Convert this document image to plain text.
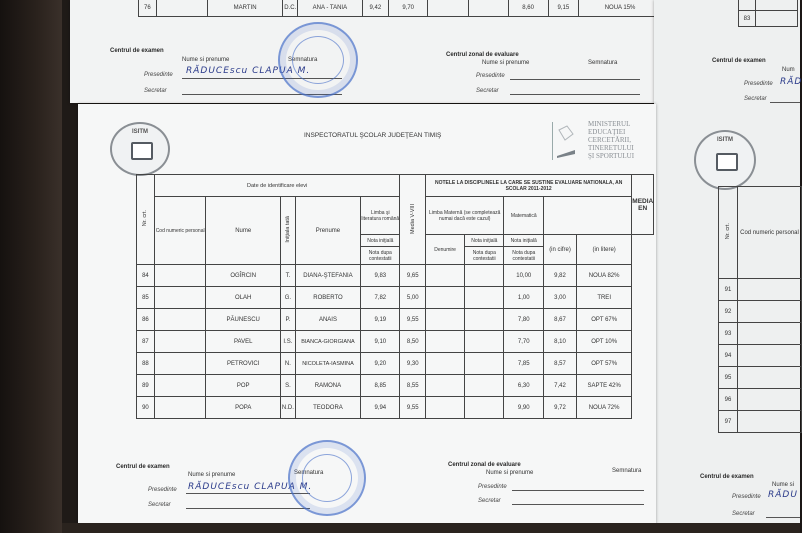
76		MARTIN	D.C.	ANA - TANIA	9,42	9,70			8,60	9,15	NOUA 15%
Centrul de examen
Nume si prenume	Semnatura
Presedinte RĂDUCEscu CLAPUA M.
Secretar
Centrul zonal de evaluare
Nume si prenume	Semnatura
Presedinte
Secretar

83	
Centrul de examen
Num
Presedinte RĂD
Secretar
ISITM
Nr. crt.	Cod numeric personal
91	
92	
93	
94	
95	
96	
97	
Centrul de examen
Nume si
Presedinte RĂDU
Secretar
ISITM	INSPECTORATUL ŞCOLAR JUDEŢEAN TIMIŞ
MINISTERUL
EDUCAŢIEI
CERCETĂRII,
TINERETULUI
ŞI SPORTULUI
Nr. crt.	Date de identificare elevi					Media V-VIII	NOTELE LA DISCIPLINELE LA CARE SE SUSTINE EVALUARE NATIONALA, AN SCOLAR 2011-2012					MEDIA EN
	Cod numeric personal	Nume	Iniţiala tată	Prenume	Limba şi literatura română		Limba Maternă (se completează numai dacă este cazul)		Matematică		
					Nota iniţială		Denumire	Nota iniţială	Nota iniţială	(in cifre)	(in litere)	
					Nota dupa contestatii			Nota dupa contestatii	Nota dupa contestatii			
84		OGÎRCIN	T.	DIANA-ŞTEFANIA	9,83	9,65			10,00	9,82	NOUA 82%	
85		OLAH	G.	ROBERTO	7,82	5,00			1,00	3,00	TREI	
86		PĂUNESCU	P.	ANAIS	9,19	9,55			7,80	8,67	OPT 67%	
87		PAVEL	I.S.	BIANCA-GIORGIANA	9,10	8,50			7,70	8,10	OPT 10%	
88		PETROVICI	N.	NICOLETA-IASMINA	9,20	9,30			7,85	8,57	OPT 57%	
89		POP	S.	RAMONA	8,85	8,55			6,30	7,42	SAPTE 42%	
90		POPA	N.D.	TEODORA	9,94	9,55			9,90	9,72	NOUA 72%	
Centrul de examen
Nume si prenume	Semnatura
Presedinte RĂDUCEscu CLAPUA M.
Secretar
Centrul zonal de evaluare
Nume si prenume	Semnatura
Presedinte
Secretar
